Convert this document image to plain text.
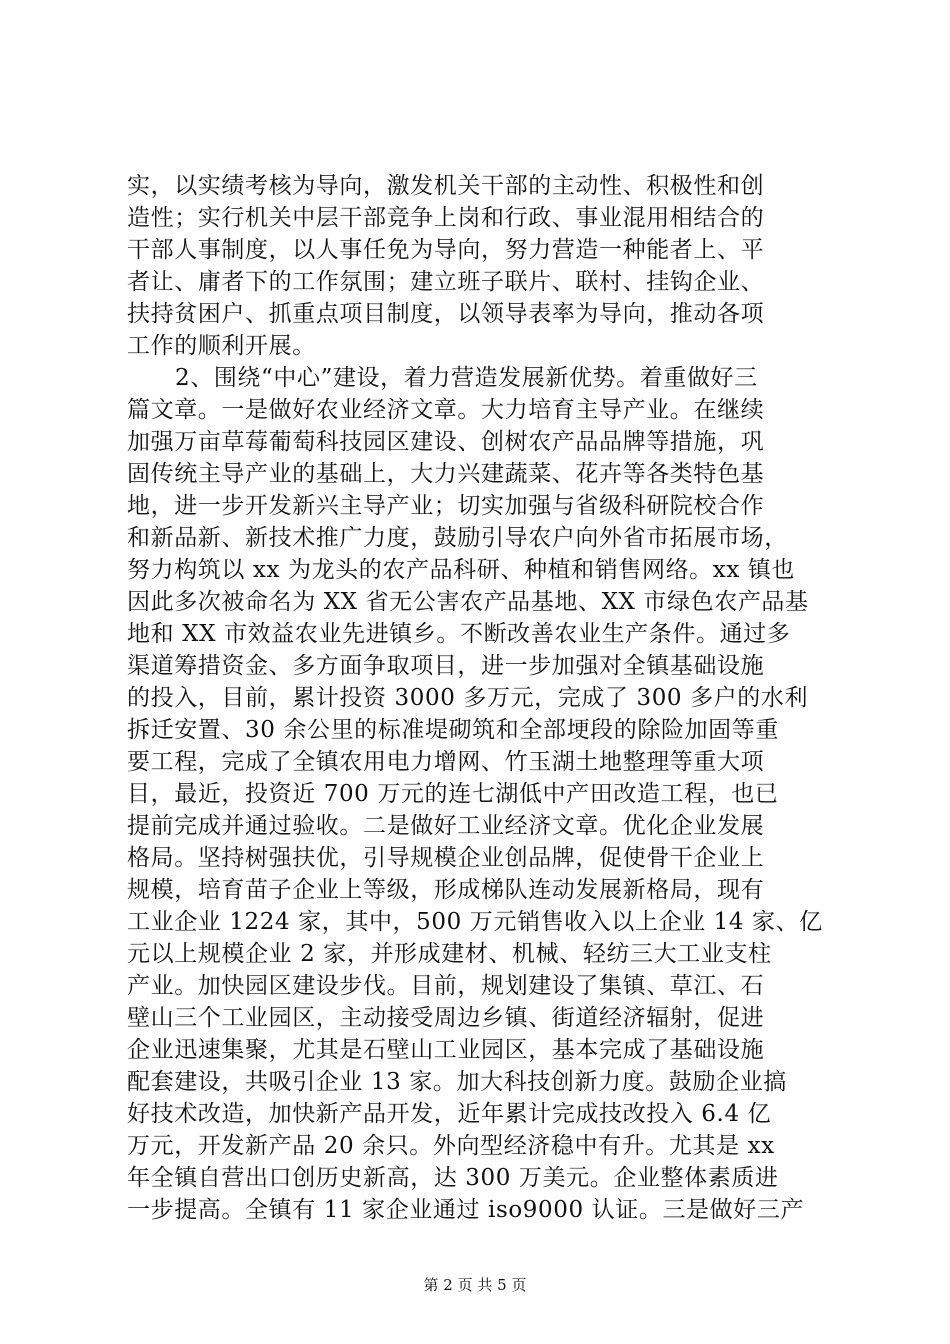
实，以实绩考核为导向，激发机关干部的主动性、积极性和创
造性；实行机关中层干部竞争上岗和行政、事业混用相结合的
干部人事制度，以人事任免为导向，努力营造一种能者上、平
者让、庸者下的工作氛围；建立班子联片、联村、挂钩企业、
扶持贫困户、抓重点项目制度，以领导表率为导向，推动各项
工作的顺利开展。
2、围绕“中心”建设，着力营造发展新优势。着重做好三
篇文章。一是做好农业经济文章。大力培育主导产业。在继续
加强万亩草莓葡萄科技园区建设、创树农产品品牌等措施，巩
固传统主导产业的基础上，大力兴建蔬菜、花卉等各类特色基
地，进一步开发新兴主导产业；切实加强与省级科研院校合作
和新品新、新技术推广力度，鼓励引导农户向外省市拓展市场，
努力构筑以 xx 为龙头的农产品科研、种植和销售网络。xx 镇也
因此多次被命名为 XX 省无公害农产品基地、XX 市绿色农产品基
地和 XX 市效益农业先进镇乡。不断改善农业生产条件。通过多
渠道筹措资金、多方面争取项目，进一步加强对全镇基础设施
的投入，目前，累计投资 3000 多万元，完成了 300 多户的水利
拆迁安置、30 余公里的标准堤砌筑和全部埂段的除险加固等重
要工程，完成了全镇农用电力增网、竹玉湖土地整理等重大项
目，最近，投资近 700 万元的连七湖低中产田改造工程，也已
提前完成并通过验收。二是做好工业经济文章。优化企业发展
格局。坚持树强扶优，引导规模企业创品牌，促使骨干企业上
规模，培育苗子企业上等级，形成梯队连动发展新格局，现有
工业企业 1224 家，其中，500 万元销售收入以上企业 14 家、亿
元以上规模企业 2 家，并形成建材、机械、轻纺三大工业支柱
产业。加快园区建设步伐。目前，规划建设了集镇、草江、石
壁山三个工业园区，主动接受周边乡镇、街道经济辐射，促进
企业迅速集聚，尤其是石壁山工业园区，基本完成了基础设施
配套建设，共吸引企业 13 家。加大科技创新力度。鼓励企业搞
好技术改造，加快新产品开发，近年累计完成技改投入 6.4 亿
万元，开发新产品 20 余只。外向型经济稳中有升。尤其是 xx
年全镇自营出口创历史新高，达 300 万美元。企业整体素质进
一步提高。全镇有 11 家企业通过 iso9000 认证。三是做好三产
第 2 页 共 5 页
